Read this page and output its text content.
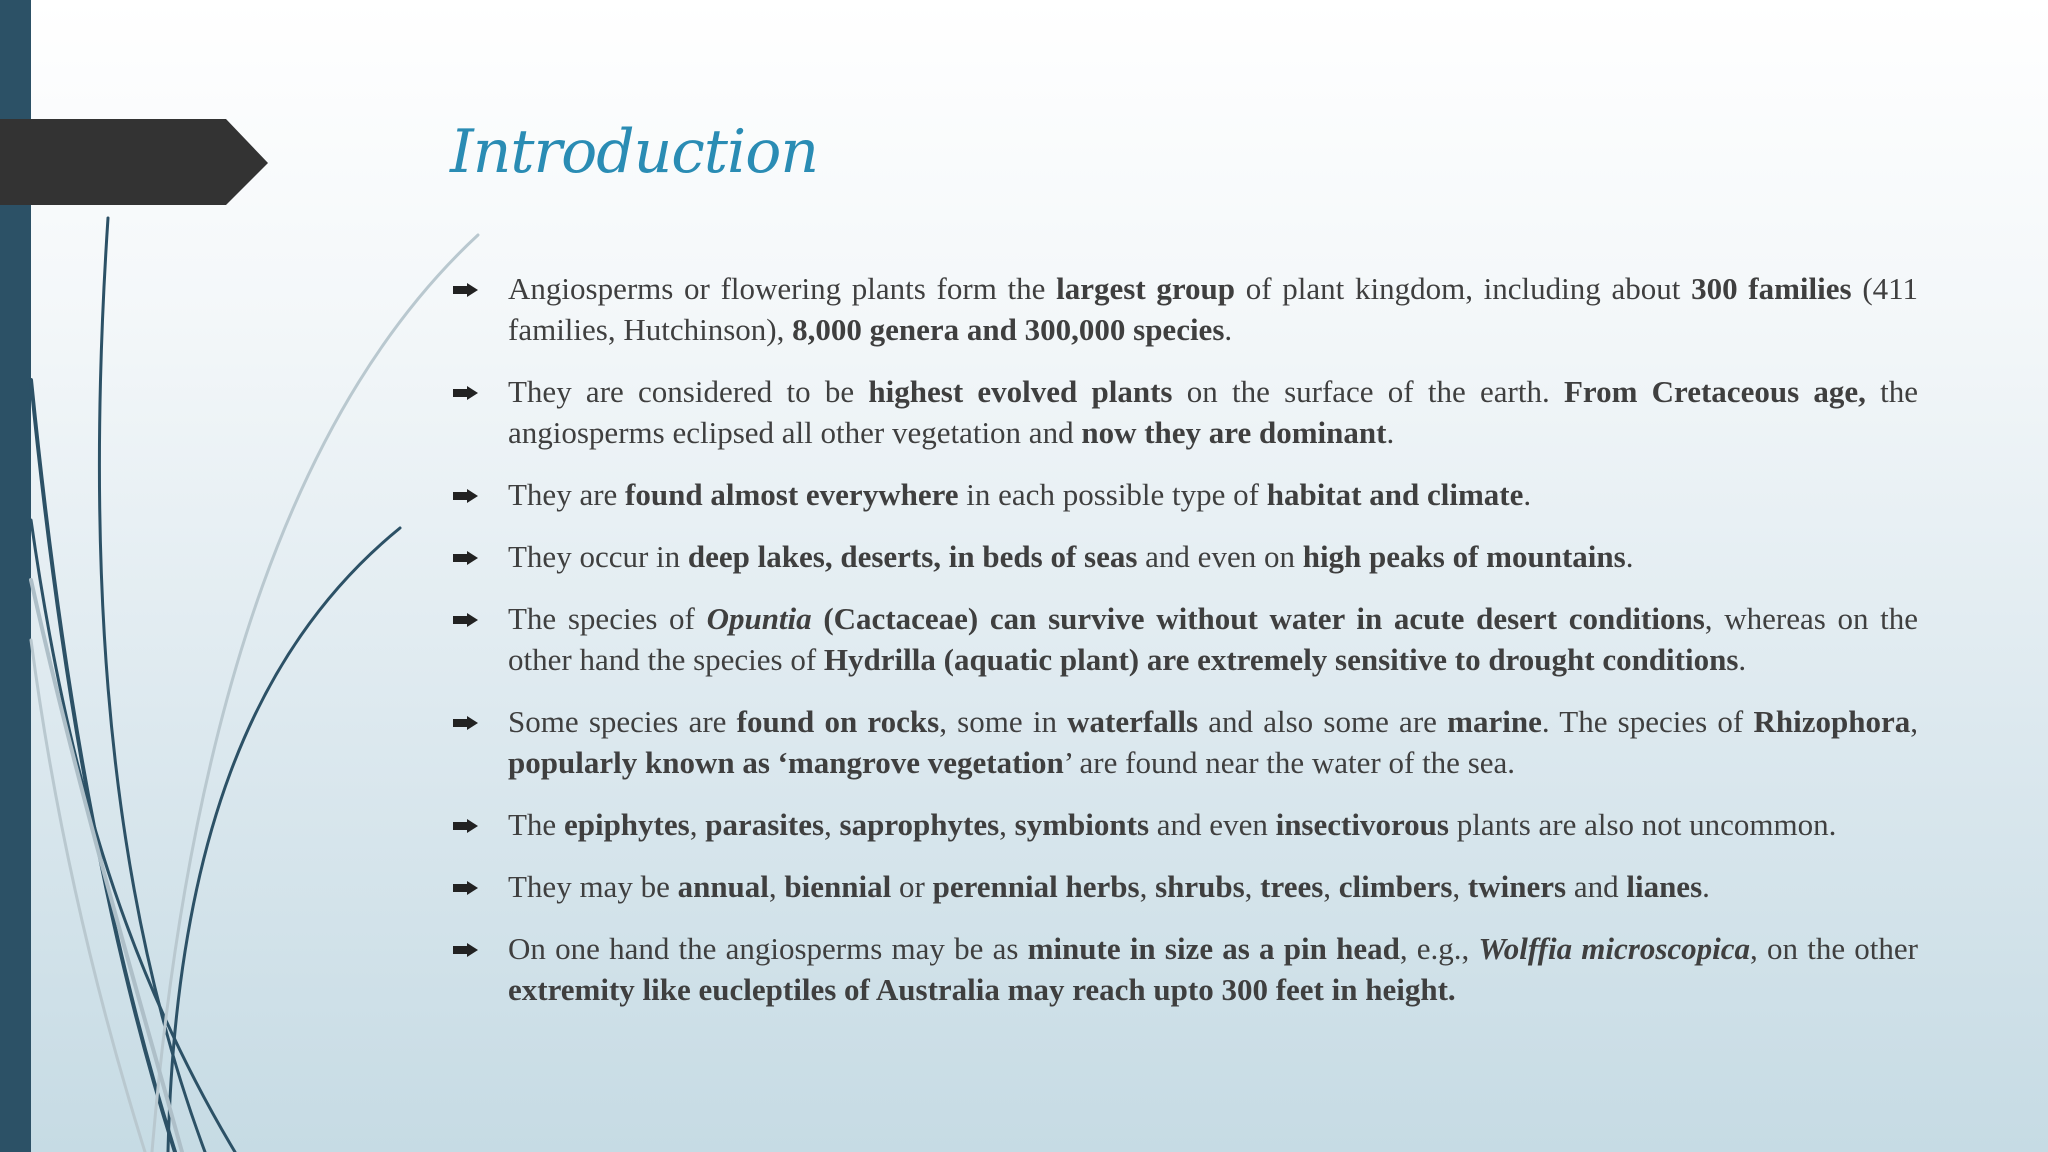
Introduction
Angiosperms or flowering plants form the largest group of plant kingdom, including about 300 families (411 families, Hutchinson), 8,000 genera and 300,000 species.
They are considered to be highest evolved plants on the surface of the earth. From Cretaceous age, the angiosperms eclipsed all other vegetation and now they are dominant.
They are found almost everywhere in each possible type of habitat and climate.
They occur in deep lakes, deserts, in beds of seas and even on high peaks of mountains.
The species of Opuntia (Cactaceae) can survive without water in acute desert conditions, whereas on the other hand the species of Hydrilla (aquatic plant) are extremely sensitive to drought conditions.
Some species are found on rocks, some in waterfalls and also some are marine. The species of Rhizophora, popularly known as ‘mangrove vegetation’ are found near the water of the sea.
The epiphytes, parasites, saprophytes, symbionts and even insectivorous plants are also not uncommon.
They may be annual, biennial or perennial herbs, shrubs, trees, climbers, twiners and lianes.
On one hand the angiosperms may be as minute in size as a pin head, e.g., Wolffia microscopica, on the other extremity like eucleptiles of Australia may reach upto 300 feet in height.
